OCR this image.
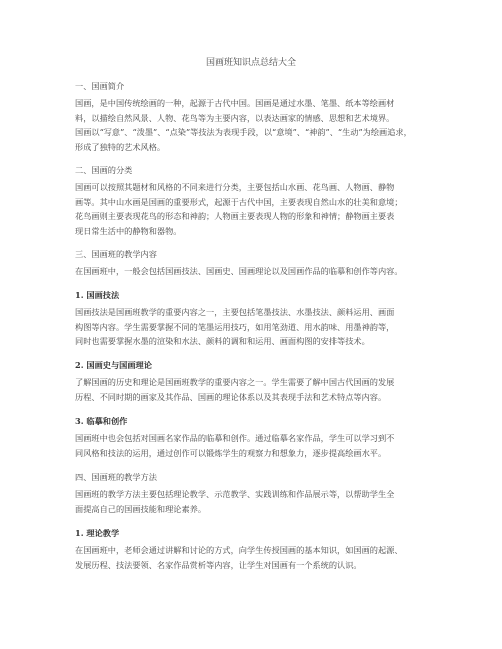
国画班知识点总结大全
一、国画简介
国画，是中国传统绘画的一种，起源于古代中国。国画是通过水墨、笔墨、纸本等绘画材
料，以描绘自然风景、人物、花鸟等为主要内容，以表达画家的情感、思想和艺术境界。
国画以“写意”、“泼墨”、“点染”等技法为表现手段，以“意境”、“神韵”、“生动”为绘画追求，
形成了独特的艺术风格。
二、国画的分类
国画可以按照其题材和风格的不同来进行分类，主要包括山水画、花鸟画、人物画、静物
画等。其中山水画是国画的重要形式，起源于古代中国，主要表现自然山水的壮美和意境；
花鸟画则主要表现花鸟的形态和神韵；人物画主要表现人物的形象和神情；静物画主要表
现日常生活中的静物和器物。
三、国画班的教学内容
在国画班中，一般会包括国画技法、国画史、国画理论以及国画作品的临摹和创作等内容。
1. 国画技法
国画技法是国画班教学的重要内容之一，主要包括笔墨技法、水墨技法、颜料运用、画面
构图等内容。学生需要掌握不同的笔墨运用技巧，如用笔劲道、用水韵味、用墨神韵等，
同时也需要掌握水墨的渲染和水法、颜料的调和和运用、画面构图的安排等技术。
2. 国画史与国画理论
了解国画的历史和理论是国画班教学的重要内容之一。学生需要了解中国古代国画的发展
历程、不同时期的画家及其作品、国画的理论体系以及其表现手法和艺术特点等内容。
3. 临摹和创作
国画班中也会包括对国画名家作品的临摹和创作。通过临摹名家作品，学生可以学习到不
同风格和技法的运用，通过创作可以锻炼学生的观察力和想象力，逐步提高绘画水平。
四、国画班的教学方法
国画班的教学方法主要包括理论教学、示范教学、实践训练和作品展示等，以帮助学生全
面提高自己的国画技能和理论素养。
1. 理论教学
在国画班中，老师会通过讲解和讨论的方式，向学生传授国画的基本知识，如国画的起源、
发展历程、技法要领、名家作品赏析等内容，让学生对国画有一个系统的认识。
